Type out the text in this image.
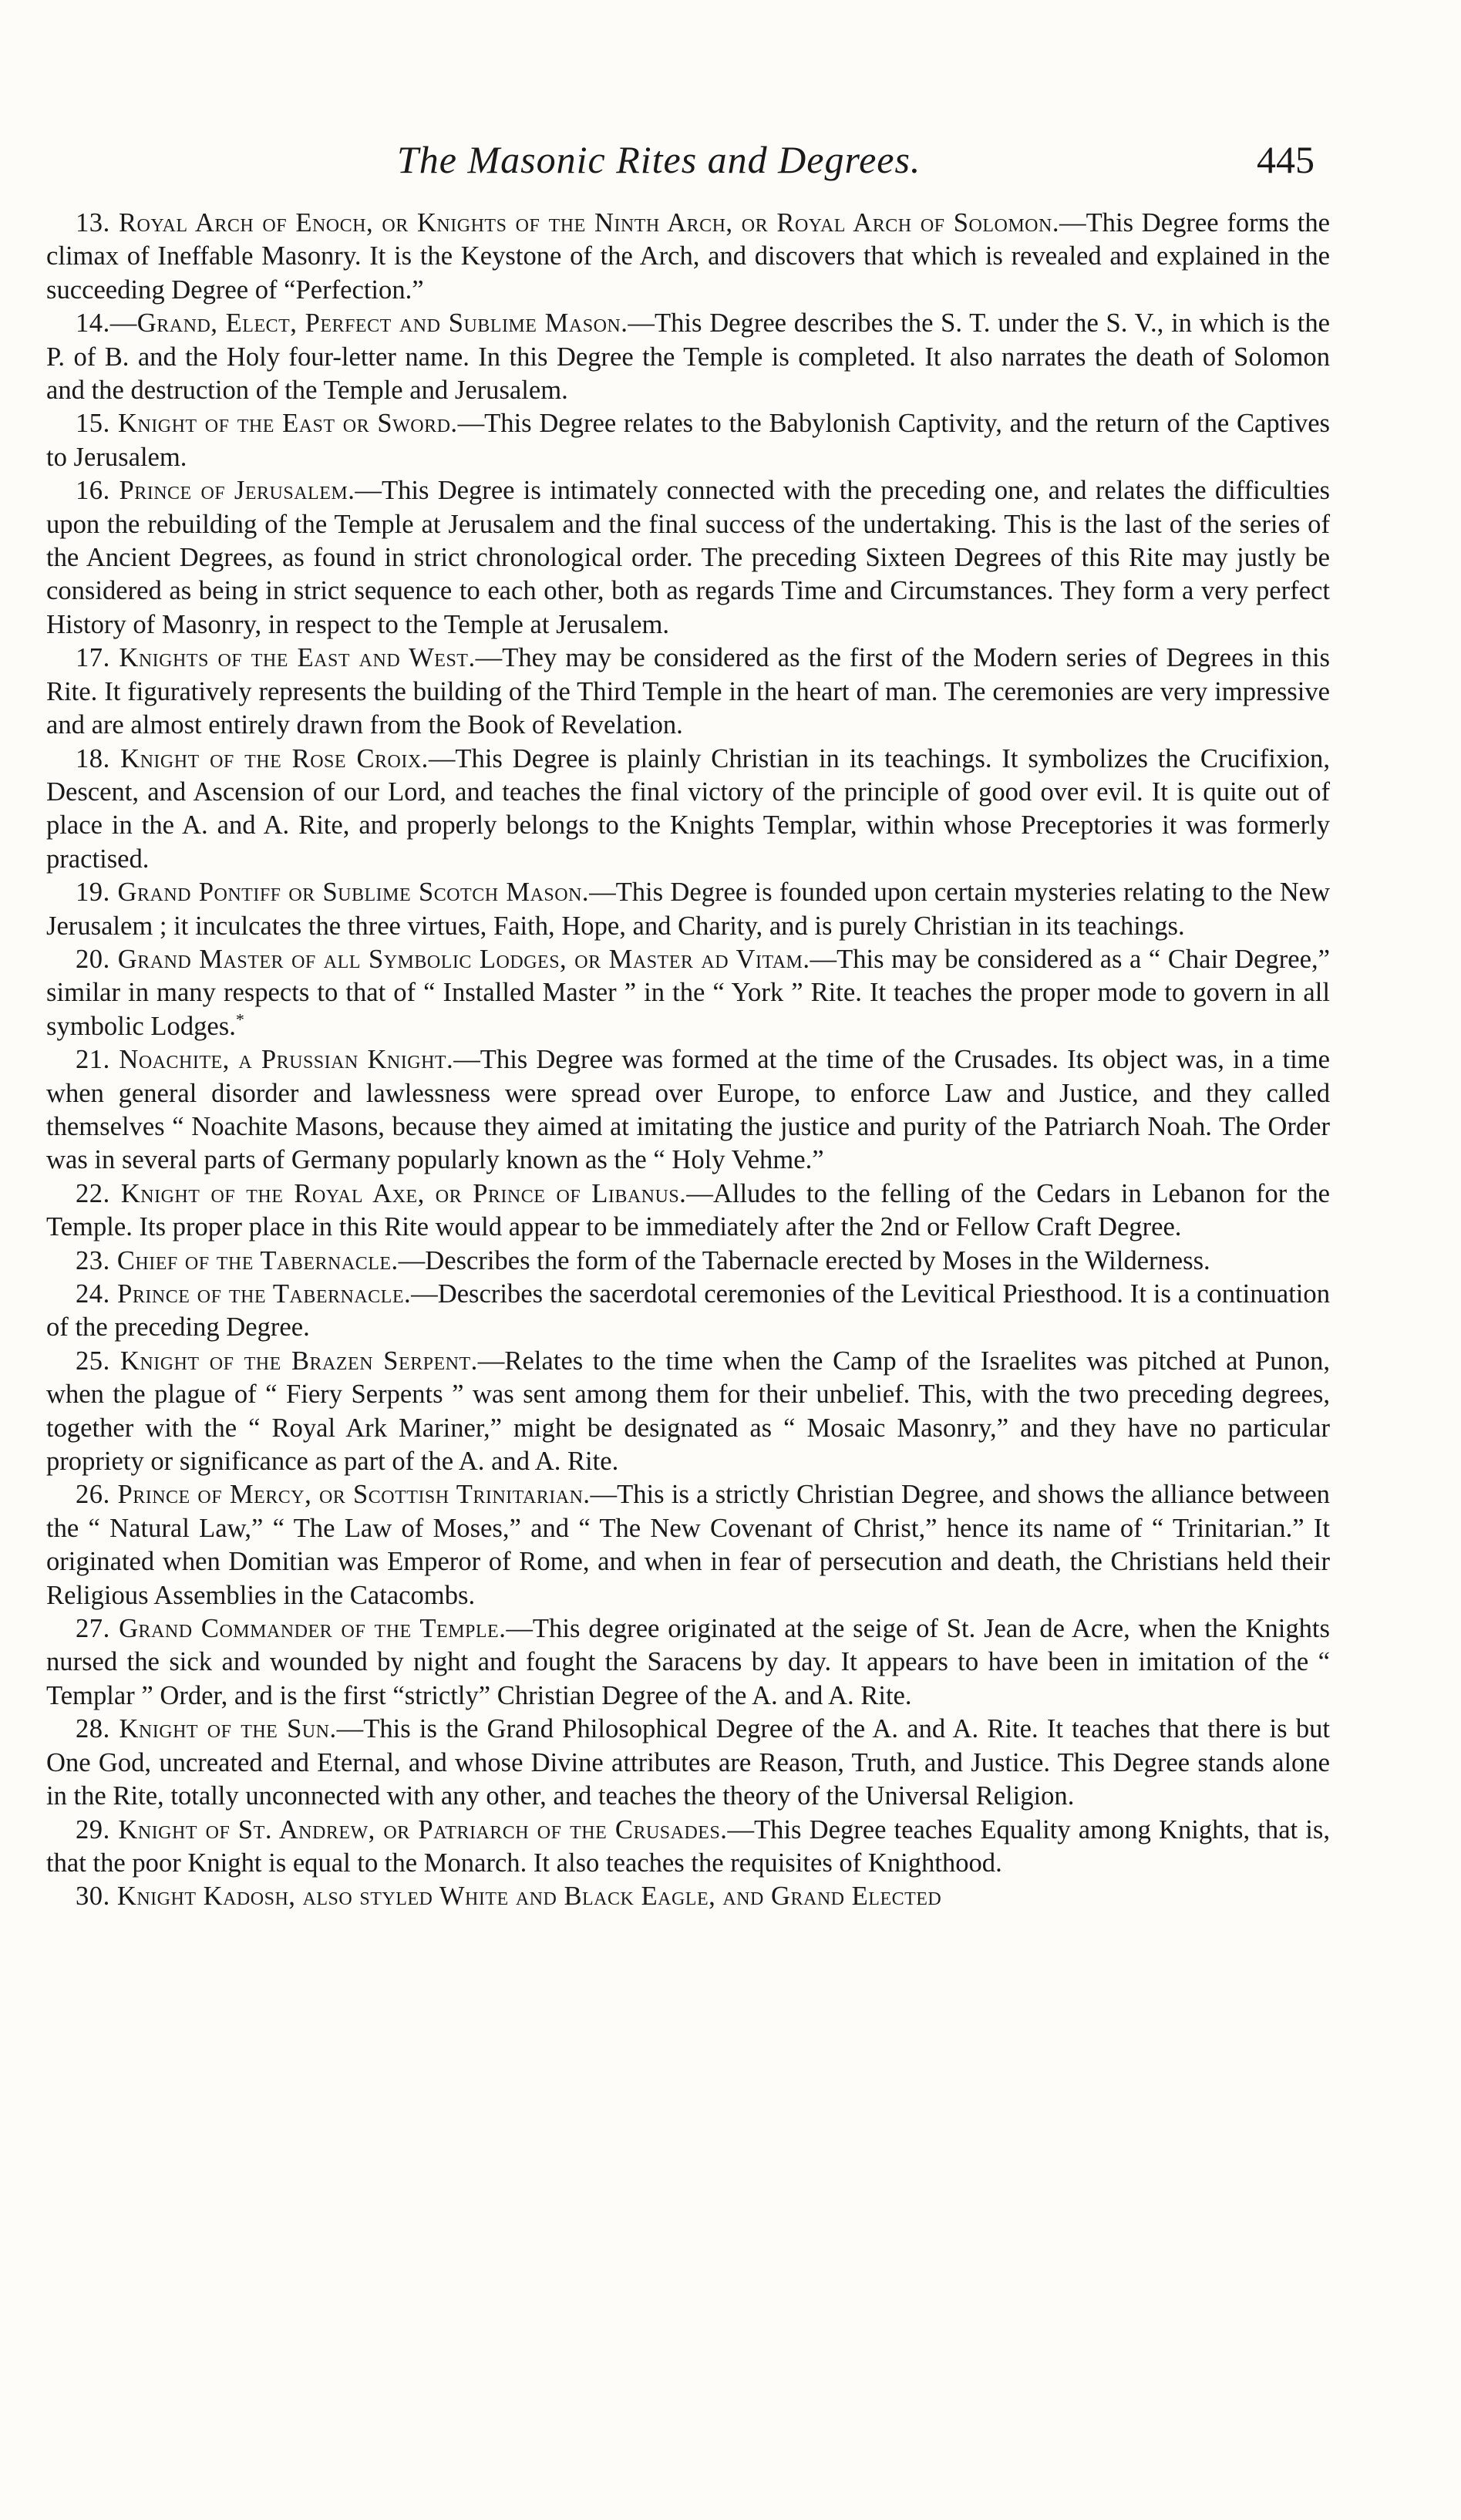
The Masonic Rites and Degrees.	445

13. Royal Arch of Enoch, or Knights of the Ninth Arch, or Royal Arch of Solomon.—This Degree forms the climax of Ineffable Masonry. It is the Keystone of the Arch, and discovers that which is revealed and explained in the succeeding Degree of “Perfection.”

14.—Grand, Elect, Perfect and Sublime Mason.—This Degree describes the S. T. under the S. V., in which is the P. of B. and the Holy four-letter name. In this Degree the Temple is completed. It also narrates the death of Solomon and the destruction of the Temple and Jerusalem.

15. Knight of the East or Sword.—This Degree relates to the Babylonish Captivity, and the return of the Captives to Jerusalem.

16. Prince of Jerusalem.—This Degree is intimately connected with the preceding one, and relates the difficulties upon the rebuilding of the Temple at Jerusalem and the final success of the undertaking. This is the last of the series of the Ancient Degrees, as found in strict chronological order. The preceding Sixteen Degrees of this Rite may justly be considered as being in strict sequence to each other, both as regards Time and Circumstances. They form a very perfect History of Masonry, in respect to the Temple at Jerusalem.

17. Knights of the East and West.—They may be considered as the first of the Modern series of Degrees in this Rite. It figuratively represents the building of the Third Temple in the heart of man. The ceremonies are very impressive and are almost entirely drawn from the Book of Revelation.

18. Knight of the Rose Croix.—This Degree is plainly Christian in its teachings. It symbolizes the Crucifixion, Descent, and Ascension of our Lord, and teaches the final victory of the principle of good over evil. It is quite out of place in the A. and A. Rite, and properly belongs to the Knights Templar, within whose Preceptories it was formerly practised.

19. Grand Pontiff or Sublime Scotch Mason.—This Degree is founded upon certain mysteries relating to the New Jerusalem ; it inculcates the three virtues, Faith, Hope, and Charity, and is purely Christian in its teachings.

20. Grand Master of all Symbolic Lodges, or Master ad Vitam.—This may be considered as a “ Chair Degree,” similar in many respects to that of “ Installed Master ” in the “ York ” Rite. It teaches the proper mode to govern in all symbolic Lodges.*

21. Noachite, a Prussian Knight.—This Degree was formed at the time of the Crusades. Its object was, in a time when general disorder and lawlessness were spread over Europe, to enforce Law and Justice, and they called themselves “ Noachite Masons, because they aimed at imitating the justice and purity of the Patriarch Noah. The Order was in several parts of Germany popularly known as the “ Holy Vehme.”

22. Knight of the Royal Axe, or Prince of Libanus.—Alludes to the felling of the Cedars in Lebanon for the Temple. Its proper place in this Rite would appear to be immediately after the 2nd or Fellow Craft Degree.

23. Chief of the Tabernacle.—Describes the form of the Tabernacle erected by Moses in the Wilderness.

24. Prince of the Tabernacle.—Describes the sacerdotal ceremonies of the Levitical Priesthood. It is a continuation of the preceding Degree.

25. Knight of the Brazen Serpent.—Relates to the time when the Camp of the Israelites was pitched at Punon, when the plague of “ Fiery Serpents ” was sent among them for their unbelief. This, with the two preceding degrees, together with the “ Royal Ark Mariner,” might be designated as “ Mosaic Masonry,” and they have no particular propriety or significance as part of the A. and A. Rite.

26. Prince of Mercy, or Scottish Trinitarian.—This is a strictly Christian Degree, and shows the alliance between the “ Natural Law,” “ The Law of Moses,” and “ The New Covenant of Christ,” hence its name of “ Trinitarian.” It originated when Domitian was Emperor of Rome, and when in fear of persecution and death, the Christians held their Religious Assemblies in the Catacombs.

27. Grand Commander of the Temple.—This degree originated at the seige of St. Jean de Acre, when the Knights nursed the sick and wounded by night and fought the Saracens by day. It appears to have been in imitation of the “ Templar ” Order, and is the first “strictly” Christian Degree of the A. and A. Rite.

28. Knight of the Sun.—This is the Grand Philosophical Degree of the A. and A. Rite. It teaches that there is but One God, uncreated and Eternal, and whose Divine attributes are Reason, Truth, and Justice. This Degree stands alone in the Rite, totally unconnected with any other, and teaches the theory of the Universal Religion.

29. Knight of St. Andrew, or Patriarch of the Crusades.—This Degree teaches Equality among Knights, that is, that the poor Knight is equal to the Monarch. It also teaches the requisites of Knighthood.

30. Knight Kadosh, also styled White and Black Eagle, and Grand Elected
